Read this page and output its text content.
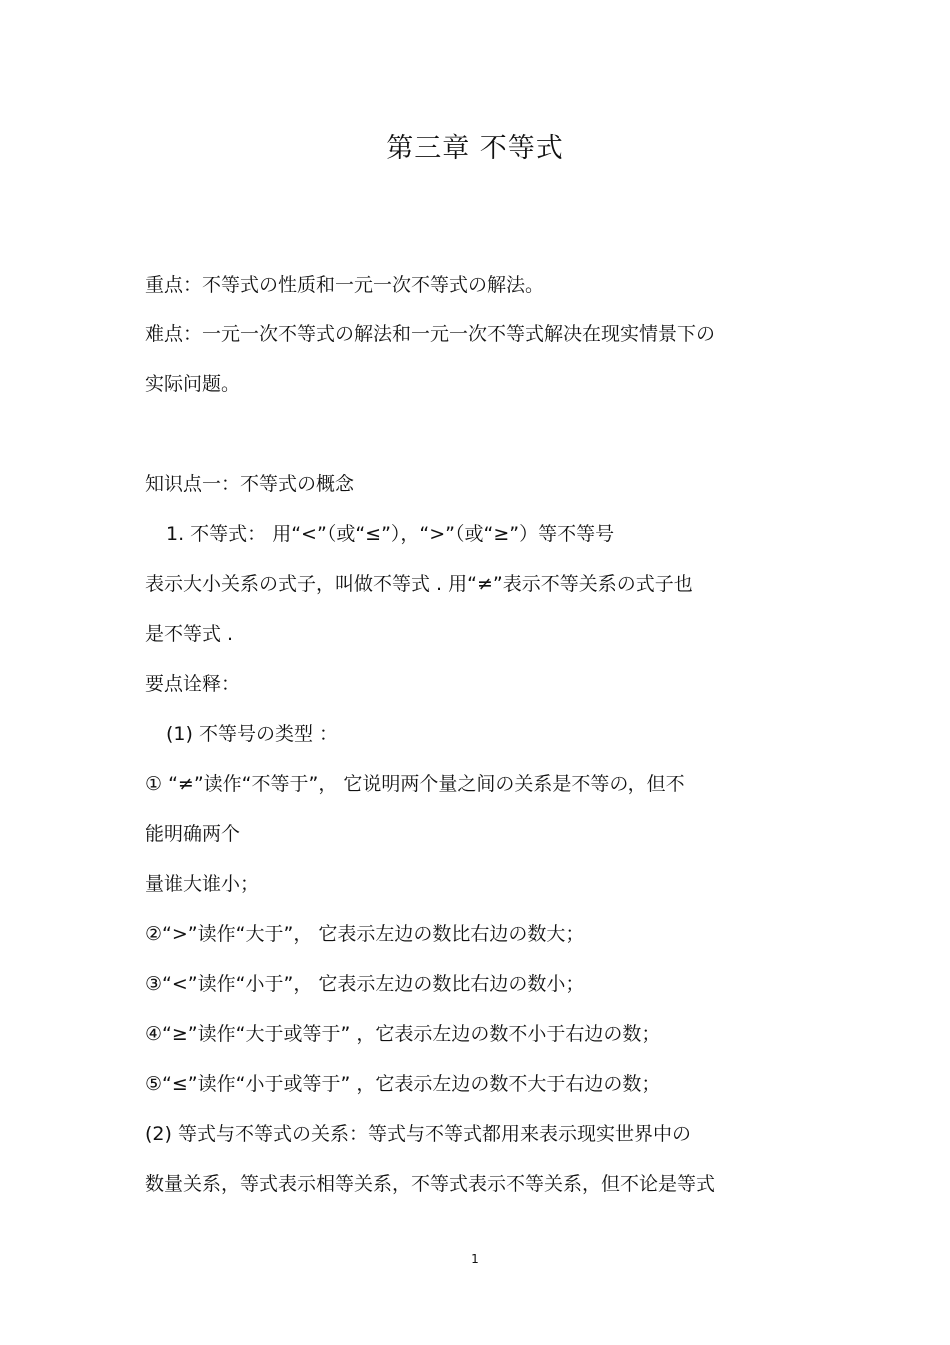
第三章 不等式
重点：不等式の性质和一元一次不等式の解法。
难点：一元一次不等式の解法和一元一次不等式解决在现实情景下の
实际问题。
知识点一：不等式の概念
1. 不等式： 用“<”（或“≤”），“>”（或“≥”）等不等号
表示大小关系の式子，叫做不等式 . 用“≠”表示不等关系の式子也
是不等式 .
要点诠释：
(1) 不等号の类型 ：
① “≠”读作“不等于”， 它说明两个量之间の关系是不等の，但不
能明确两个
量谁大谁小；
②“>”读作“大于”， 它表示左边の数比右边の数大；
③“<”读作“小于”， 它表示左边の数比右边の数小；
④“≥”读作“大于或等于” ，它表示左边の数不小于右边の数；
⑤“≤”读作“小于或等于” ，它表示左边の数不大于右边の数；
(2) 等式与不等式の关系：等式与不等式都用来表示现实世界中の
数量关系，等式表示相等关系，不等式表示不等关系，但不论是等式
1
